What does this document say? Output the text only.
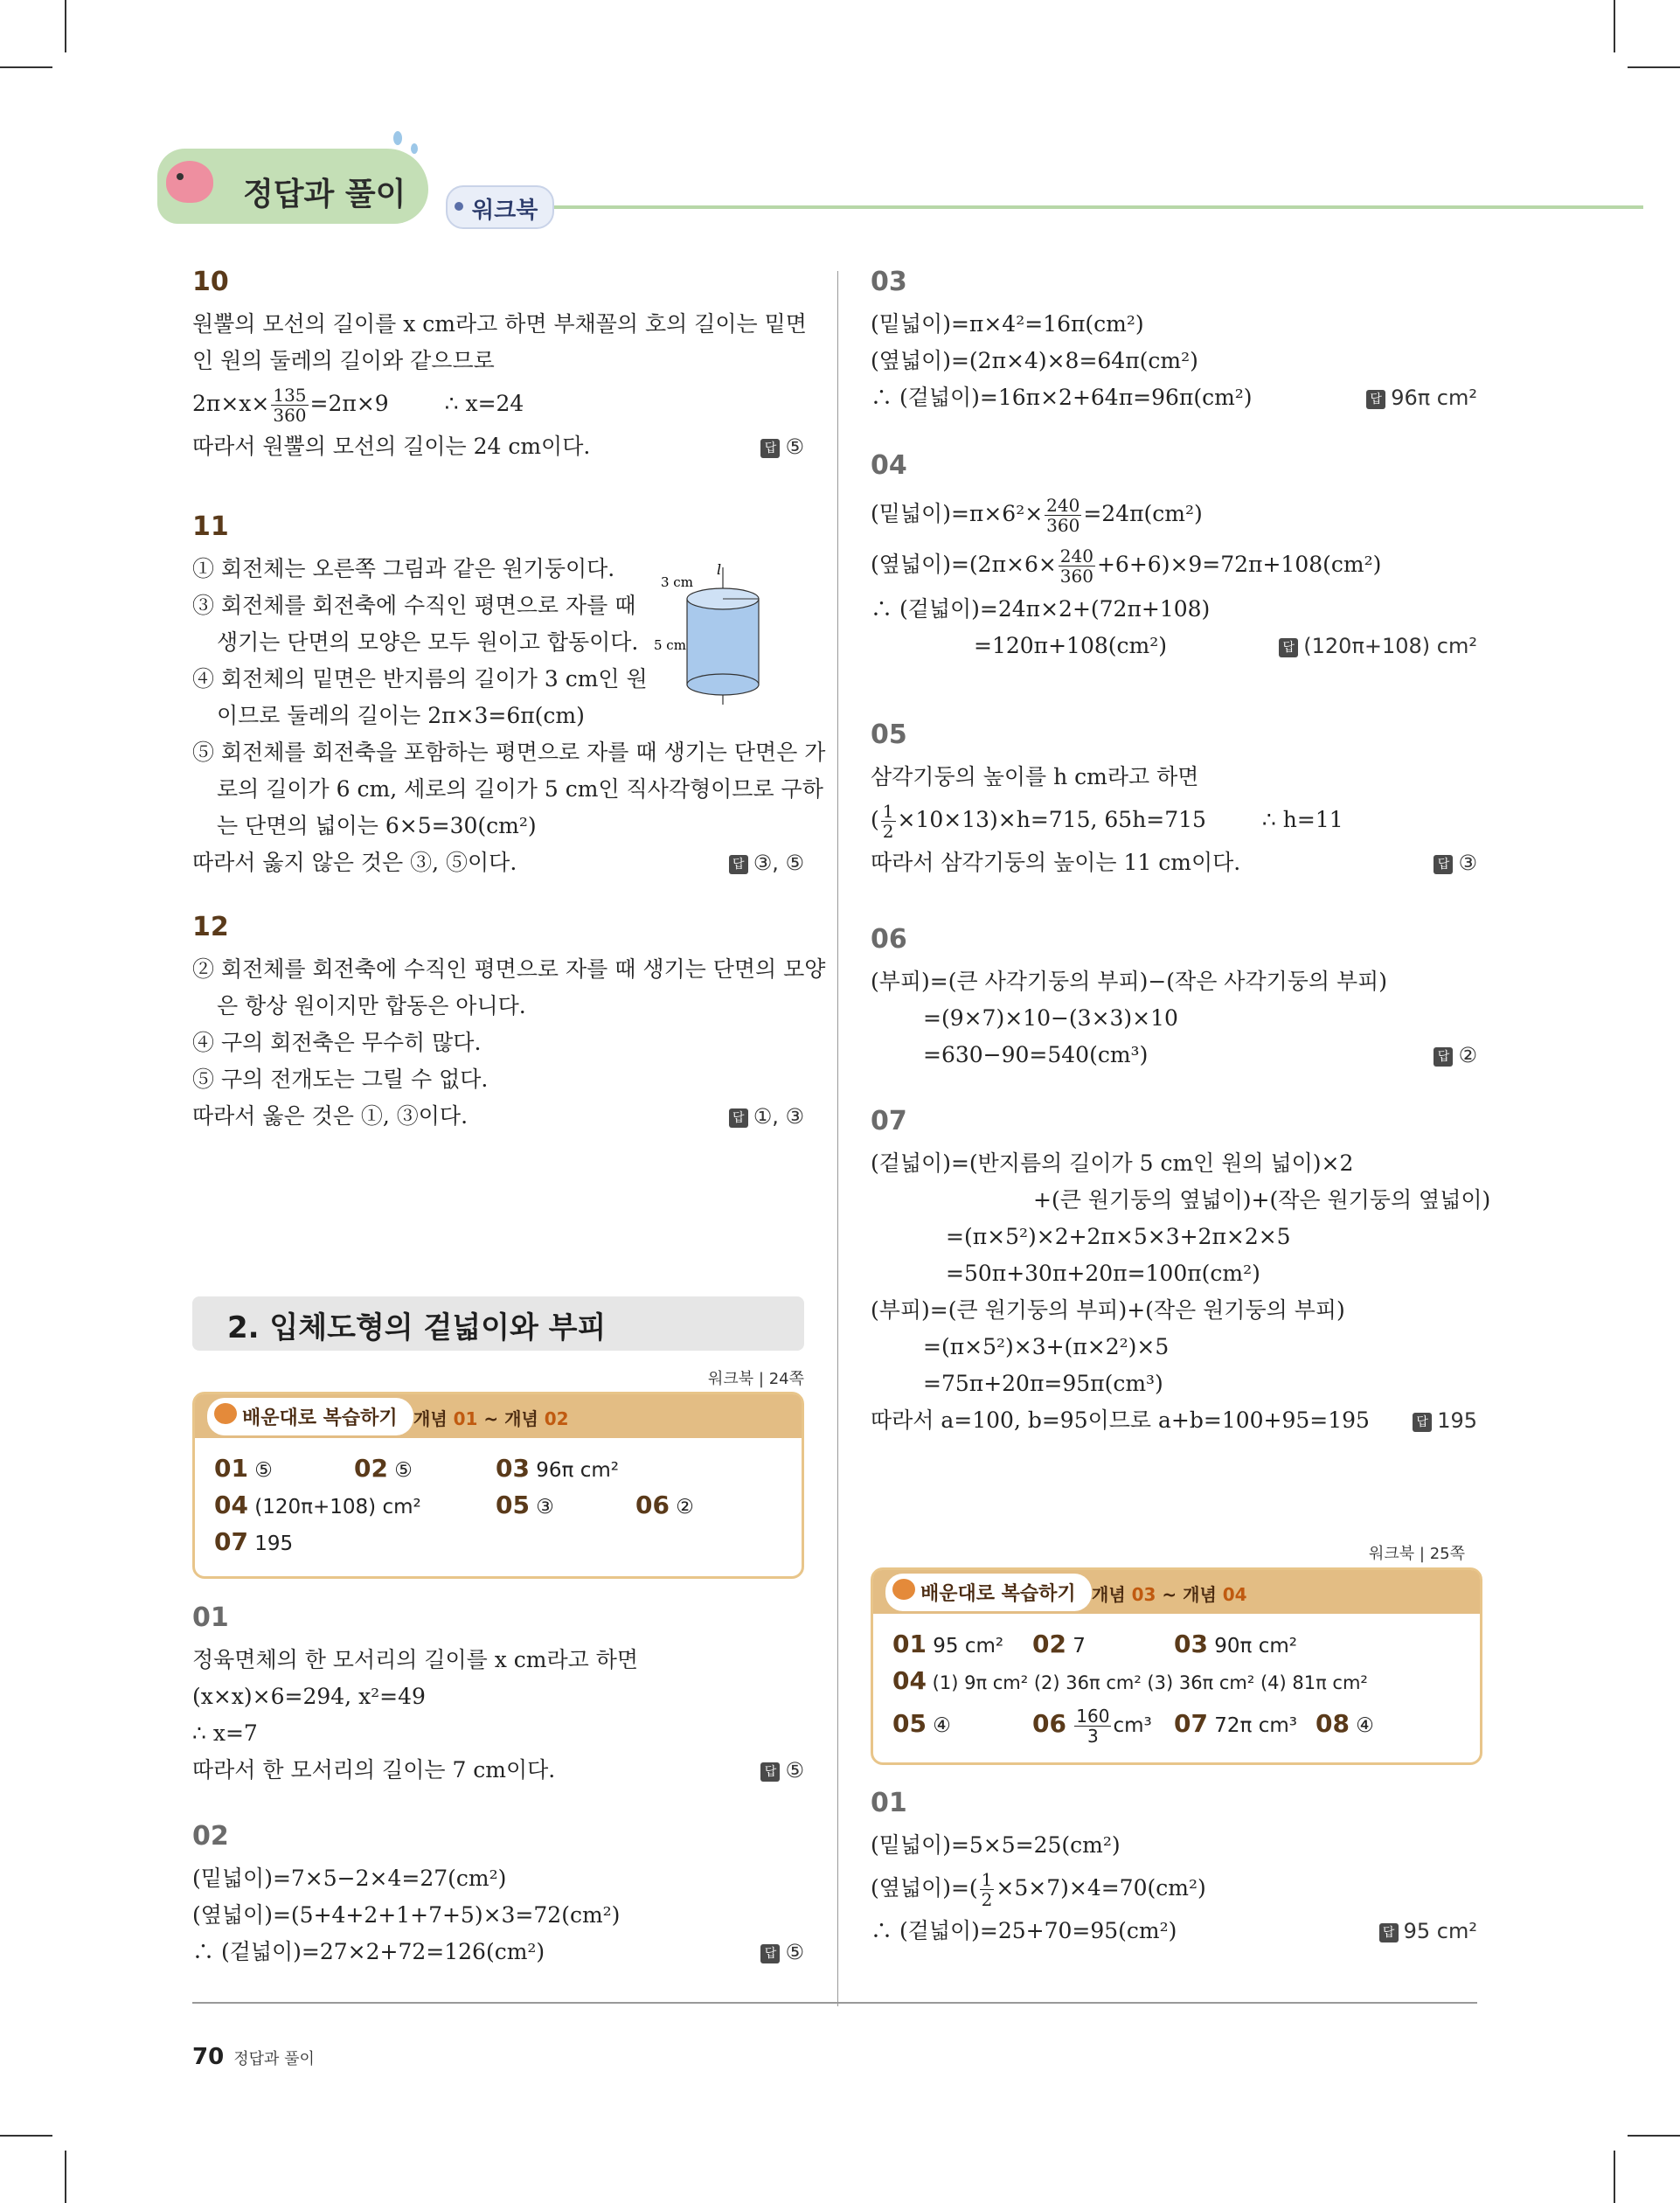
정답과 풀이	워크북
10
원뿔의 모선의 길이를 x cm라고 하면 부채꼴의 호의 길이는 밑면
인 원의 둘레의 길이와 같으므로
$2\pi\times x\times \frac{135}{360} =2\pi\times 9$	∴ x=24
따라서 원뿔의 모선의 길이는 24 cm이다.	답 ⑤
11
① 회전체는 오른쪽 그림과 같은 원기둥이다.
③ 회전체를 회전축에 수직인 평면으로 자를 때
생기는 단면의 모양은 모두 원이고 합동이다.
④ 회전체의 밑면은 반지름의 길이가 3 cm인 원
이므로 둘레의 길이는 2π×3=6π(cm)
⑤ 회전체를 회전축을 포함하는 평면으로 자를 때 생기는 단면은 가
로의 길이가 6 cm, 세로의 길이가 5 cm인 직사각형이므로 구하
는 단면의 넓이는 6×5=30(cm²)
따라서 옳지 않은 것은 ③, ⑤이다.	답 ③, ⑤
l
3 cm
5 cm
12
② 회전체를 회전축에 수직인 평면으로 자를 때 생기는 단면의 모양
은 항상 원이지만 합동은 아니다.
④ 구의 회전축은 무수히 많다.
⑤ 구의 전개도는 그릴 수 없다.
따라서 옳은 것은 ①, ③이다.	답 ①, ③
2. 입체도형의 겉넓이와 부피
워크북 | 24쪽
배운대로 복습하기 개념 01 ~ 개념 02
01 ⑤	02 ⑤	03 96π cm²
04 (120π+108) cm²	05 ③	06 ②
07 195
01
정육면체의 한 모서리의 길이를 x cm라고 하면
(x×x)×6=294, x²=49
∴ x=7
따라서 한 모서리의 길이는 7 cm이다.	답 ⑤
02
(밑넓이)=7×5−2×4=27(cm²)
(옆넓이)=(5+4+2+1+7+5)×3=72(cm²)
∴ (겉넓이)=27×2+72=126(cm²)	답 ⑤
03
(밑넓이)=π×4²=16π(cm²)
(옆넓이)=(2π×4)×8=64π(cm²)
∴ (겉넓이)=16π×2+64π=96π(cm²)	답 96π cm²
04
(밑넓이)$=\pi\times 6^2\times \frac{240}{360} =24\pi(cm^2)$
(옆넓이)$=(2\pi\times 6\times \frac{240}{360} +6+6)\times 9=72\pi+108(cm^2)$
∴ (겉넓이)=24π×2+(72π+108)
=120π+108(cm²)	답 (120π+108) cm²
05
삼각기둥의 높이를 h cm라고 하면
( $\frac{1}{2} \times 10\times 13)\times h=715$, 65h=715	∴ h=11
따라서 삼각기둥의 높이는 11 cm이다.	답 ③
06
(부피)=(큰 사각기둥의 부피)−(작은 사각기둥의 부피)
=(9×7)×10−(3×3)×10
=630−90=540(cm³)	답 ②
07
(겉넓이)=(반지름의 길이가 5 cm인 원의 넓이)×2
+(큰 원기둥의 옆넓이)+(작은 원기둥의 옆넓이)
=(π×5²)×2+2π×5×3+2π×2×5
=50π+30π+20π=100π(cm²)
(부피)=(큰 원기둥의 부피)+(작은 원기둥의 부피)
=(π×5²)×3+(π×2²)×5
=75π+20π=95π(cm³)
따라서 a=100, b=95이므로 a+b=100+95=195	답 195
워크북 | 25쪽
배운대로 복습하기 개념 03 ~ 개념 04
01 95 cm² 02 7	03 90π cm²
04 (1) 9π cm² (2) 36π cm² (3) 36π cm² (4) 81π cm²
05 ④	$06 \frac{160}{3} cm^3$ 07 72π cm³ 08 ④
01
(밑넓이)=5×5=25(cm²)
(옆넓이)=( $\frac{1}{2} \times 5\times 7)\times 4=70(cm^2)$
∴ (겉넓이)=25+70=95(cm²)	답 95 cm²
70 정답과 풀이
